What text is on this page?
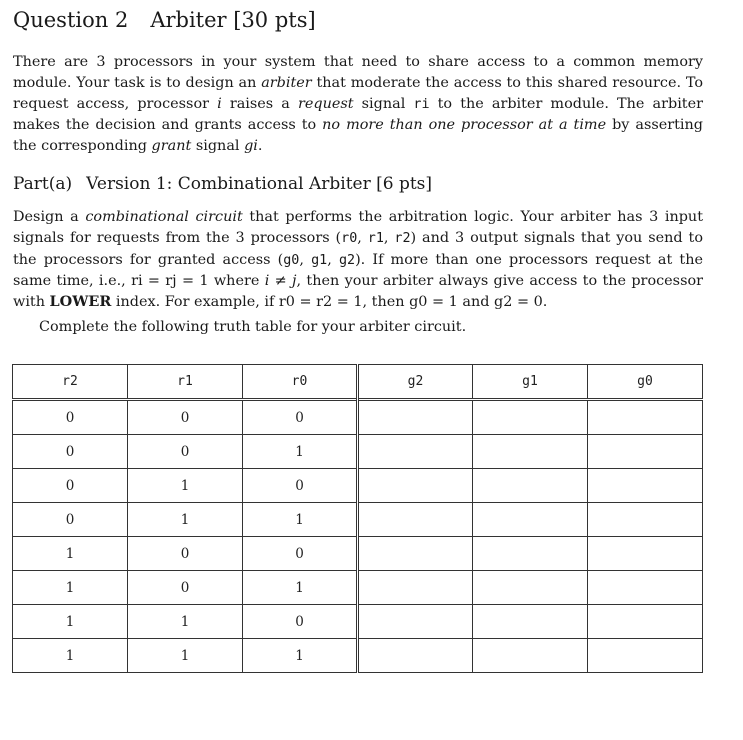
Question 2 Arbiter [30 pts]

There are 3 processors in your system that need to share access to a common memory module. Your task is to design an arbiter that moderate the access to this shared resource. To request access, processor i raises a request signal ri to the arbiter module. The arbiter makes the decision and grants access to no more than one processor at a time by asserting the corresponding grant signal gi.

Part(a) Version 1: Combinational Arbiter [6 pts]

Design a combinational circuit that performs the arbitration logic. Your arbiter has 3 input signals for requests from the 3 processors (r0, r1, r2) and 3 output signals that you send to the processors for granted access (g0, g1, g2). If more than one processors request at the same time, i.e., ri = rj = 1 where i ≠ j, then your arbiter always give access to the processor with LOWER index. For example, if r0 = r2 = 1, then g0 = 1 and g2 = 0.

Complete the following truth table for your arbiter circuit.

r2	r1	r0	g2	g1	g0
0	0	0			
0	0	1			
0	1	0			
0	1	1			
1	0	0			
1	0	1			
1	1	0			
1	1	1			
